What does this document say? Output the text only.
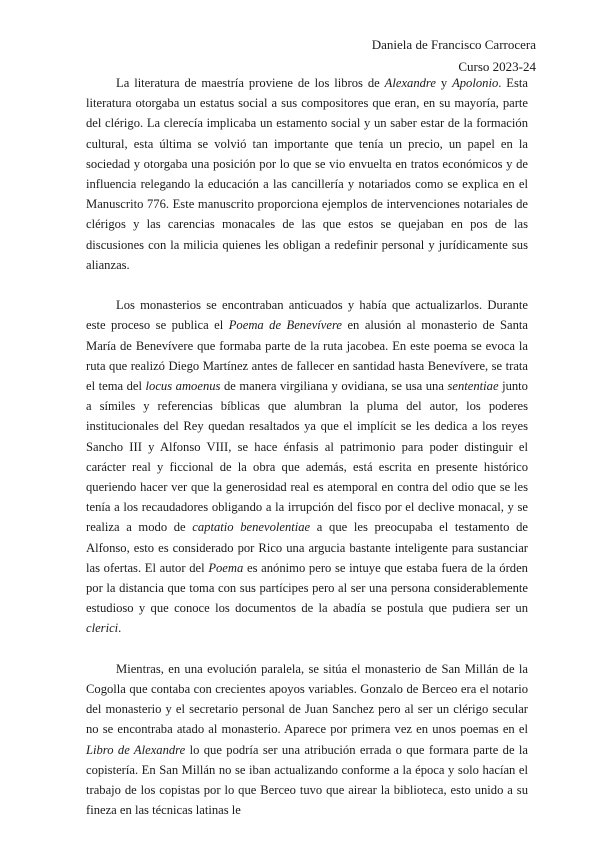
Daniela de Francisco Carrocera
Curso 2023-24

La literatura de maestría proviene de los libros de Alexandre y Apolonio. Esta literatura otorgaba un estatus social a sus compositores que eran, en su mayoría, parte del clérigo. La clerecía implicaba un estamento social y un saber estar de la formación cultural, esta última se volvió tan importante que tenía un precio, un papel en la sociedad y otorgaba una posición por lo que se vio envuelta en tratos económicos y de influencia relegando la educación a las cancillería y notariados como se explica en el Manuscrito 776. Este manuscrito proporciona ejemplos de intervenciones notariales de clérigos y las carencias monacales de las que estos se quejaban en pos de las discusiones con la milicia quienes les obligan a redefinir personal y jurídicamente sus alianzas.

Los monasterios se encontraban anticuados y había que actualizarlos. Durante este proceso se publica el Poema de Benevívere en alusión al monasterio de Santa María de Benevívere que formaba parte de la ruta jacobea. En este poema se evoca la ruta que realizó Diego Martínez antes de fallecer en santidad hasta Benevívere, se trata el tema del locus amoenus de manera virgiliana y ovidiana, se usa una sententiae junto a símiles y referencias bíblicas que alumbran la pluma del autor, los poderes institucionales del Rey quedan resaltados ya que el implícit se les dedica a los reyes Sancho III y Alfonso VIII, se hace énfasis al patrimonio para poder distinguir el carácter real y ficcional de la obra que además, está escrita en presente histórico queriendo hacer ver que la generosidad real es atemporal en contra del odio que se les tenía a los recaudadores obligando a la irrupción del fisco por el declive monacal, y se realiza a modo de captatio benevolentiae a que les preocupaba el testamento de Alfonso, esto es considerado por Rico una argucia bastante inteligente para sustanciar las ofertas. El autor del Poema es anónimo pero se intuye que estaba fuera de la órden por la distancia que toma con sus partícipes pero al ser una persona considerablemente estudioso y que conoce los documentos de la abadía se postula que pudiera ser un clerici.

Mientras, en una evolución paralela, se sitúa el monasterio de San Millán de la Cogolla que contaba con crecientes apoyos variables. Gonzalo de Berceo era el notario del monasterio y el secretario personal de Juan Sanchez pero al ser un clérigo secular no se encontraba atado al monasterio. Aparece por primera vez en unos poemas en el Libro de Alexandre lo que podría ser una atribución errada o que formara parte de la copistería. En San Millán no se iban actualizando conforme a la época y solo hacían el trabajo de los copistas por lo que Berceo tuvo que airear la biblioteca, esto unido a su fineza en las técnicas latinas le
